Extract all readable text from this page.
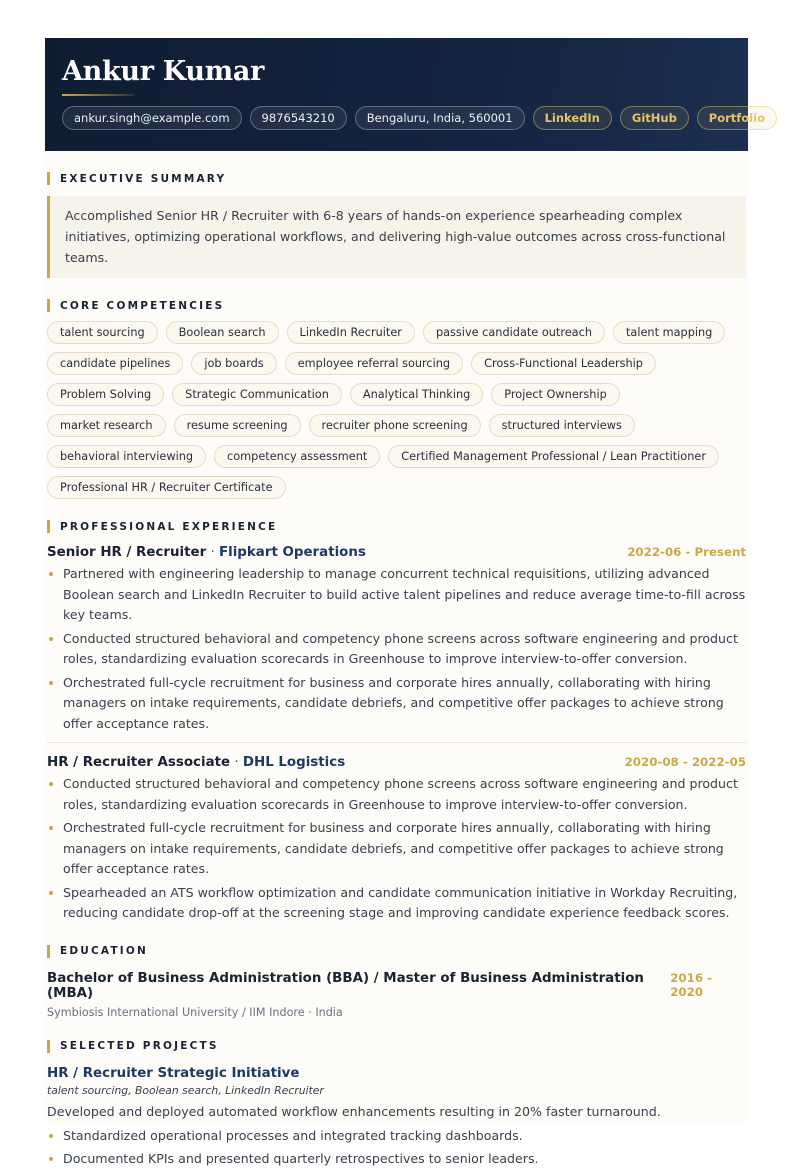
Ankur Kumar
ankur.singh@example.com	9876543210	Bengaluru, India, 560001	LinkedIn	GitHub	Portfolio
EXECUTIVE SUMMARY
Accomplished Senior HR / Recruiter with 6-8 years of hands-on experience spearheading complex initiatives, optimizing operational workflows, and delivering high-value outcomes across cross-functional teams.
CORE COMPETENCIES
talent sourcing	Boolean search	LinkedIn Recruiter	passive candidate outreach	talent mapping
candidate pipelines	job boards	employee referral sourcing	Cross-Functional Leadership
Problem Solving	Strategic Communication	Analytical Thinking	Project Ownership
market research	resume screening	recruiter phone screening	structured interviews
behavioral interviewing	competency assessment	Certified Management Professional / Lean Practitioner
Professional HR / Recruiter Certificate
PROFESSIONAL EXPERIENCE
Senior HR / Recruiter · Flipkart Operations	2022-06 - Present
Partnered with engineering leadership to manage concurrent technical requisitions, utilizing advanced Boolean search and LinkedIn Recruiter to build active talent pipelines and reduce average time-to-fill across key teams.
Conducted structured behavioral and competency phone screens across software engineering and product roles, standardizing evaluation scorecards in Greenhouse to improve interview-to-offer conversion.
Orchestrated full-cycle recruitment for business and corporate hires annually, collaborating with hiring managers on intake requirements, candidate debriefs, and competitive offer packages to achieve strong offer acceptance rates.
HR / Recruiter Associate · DHL Logistics	2020-08 - 2022-05
Conducted structured behavioral and competency phone screens across software engineering and product roles, standardizing evaluation scorecards in Greenhouse to improve interview-to-offer conversion.
Orchestrated full-cycle recruitment for business and corporate hires annually, collaborating with hiring managers on intake requirements, candidate debriefs, and competitive offer packages to achieve strong offer acceptance rates.
Spearheaded an ATS workflow optimization and candidate communication initiative in Workday Recruiting, reducing candidate drop-off at the screening stage and improving candidate experience feedback scores.
EDUCATION
Bachelor of Business Administration (BBA) / Master of Business Administration (MBA)
2016 - 2020
Symbiosis International University / IIM Indore · India
SELECTED PROJECTS
HR / Recruiter Strategic Initiative
talent sourcing, Boolean search, LinkedIn Recruiter
Developed and deployed automated workflow enhancements resulting in 20% faster turnaround.
Standardized operational processes and integrated tracking dashboards.
Documented KPIs and presented quarterly retrospectives to senior leaders.
